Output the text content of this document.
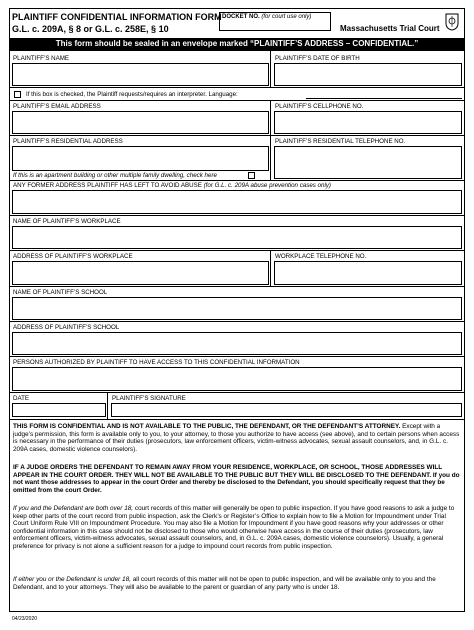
PLAINTIFF CONFIDENTIAL INFORMATION FORM
G.L. c. 209A, § 8 or G.L. c. 258E, § 10
DOCKET NO. (for court use only)
Massachusetts Trial Court
This form should be sealed in an envelope marked “PLAINTIFF’S ADDRESS – CONFIDENTIAL.”
PLAINTIFF’S NAME	PLAINTIFF’S DATE OF BIRTH
If this box is checked, the Plaintiff requests/requires an interpreter. Language:
PLAINTIFF’S EMAIL ADDRESS	PLAINTIFF’S CELLPHONE NO.
PLAINTIFF’S RESIDENTIAL ADDRESS	PLAINTIFF’S RESIDENTIAL TELEPHONE NO.
If this is an apartment building or other multiple family dwelling, check here
ANY FORMER ADDRESS PLAINTIFF HAS LEFT TO AVOID ABUSE (for G.L. c. 209A abuse prevention cases only)
NAME OF PLAINTIFF’S WORKPLACE
ADDRESS OF PLAINTIFF’S WORKPLACE	WORKPLACE TELEPHONE NO.
NAME OF PLAINTIFF’S SCHOOL
ADDRESS OF PLAINTIFF’S SCHOOL
PERSONS AUTHORIZED BY PLAINTIFF TO HAVE ACCESS TO THIS CONFIDENTIAL INFORMATION
DATE	PLAINTIFF’S SIGNATURE
THIS FORM IS CONFIDENTIAL AND IS NOT AVAILABLE TO THE PUBLIC, THE DEFENDANT, OR THE DEFENDANT’S ATTORNEY. Except with a judge’s permission, this form is available only to you, to your attorney, to those you authorize to have access (see above), and to certain persons when access is necessary in the performance of their duties (prosecutors, law enforcement officers, victim-witness advocates, sexual assault counselors, and, in G.L. c. 209A cases, domestic violence counselors).
IF A JUDGE ORDERS THE DEFENDANT TO REMAIN AWAY FROM YOUR RESIDENCE, WORKPLACE, OR SCHOOL, THOSE ADDRESSES WILL APPEAR IN THE COURT ORDER. THEY WILL NOT BE AVAILABLE TO THE PUBLIC BUT THEY WILL BE DISCLOSED TO THE DEFENDANT. If you do not want those addresses to appear in the court Order and thereby be disclosed to the Defendant, you should specifically request that they be omitted from the court Order.
If you and the Defendant are both over 18, court records of this matter will generally be open to public inspection. If you have good reasons to ask a judge to keep other parts of the court record from public inspection, ask the Clerk’s or Register’s Office to explain how to file a Motion for Impoundment under Trial Court Uniform Rule VIII on Impoundment Procedure. You may also file a Motion for Impoundment if you have good reasons why your addresses or other confidential information in this case should not be disclosed to those who would otherwise have access in the course of their duties (prosecutors, law enforcement officers, victim-witness advocates, sexual assault counselors, and, in G.L. c. 209A cases, domestic violence counselors). Usually, a general preference for privacy is not alone a sufficient reason for a judge to impound court records from public inspection.
If either you or the Defendant is under 18, all court records of this matter will not be open to public inspection, and will be available only to you and the Defendant, and to your attorneys. They will also be available to the parent or guardian of any party who is under 18.
04/23/2020
